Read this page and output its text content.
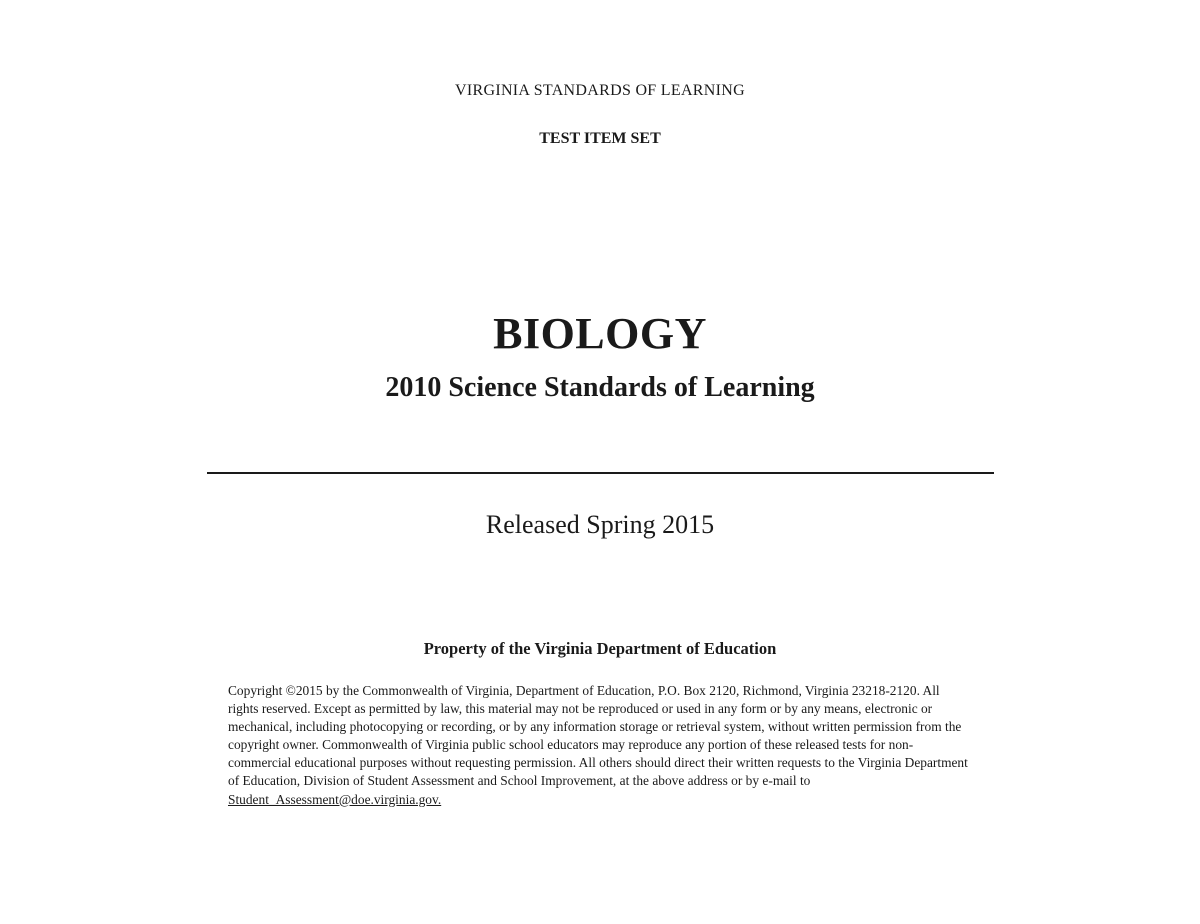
VIRGINIA STANDARDS OF LEARNING
TEST ITEM SET
BIOLOGY
2010 Science Standards of Learning
Released Spring 2015
Property of the Virginia Department of Education

Copyright ©2015 by the Commonwealth of Virginia, Department of Education, P.O. Box 2120, Richmond, Virginia 23218-2120. All rights reserved. Except as permitted by law, this material may not be reproduced or used in any form or by any means, electronic or mechanical, including photocopying or recording, or by any information storage or retrieval system, without written permission from the copyright owner. Commonwealth of Virginia public school educators may reproduce any portion of these released tests for non-commercial educational purposes without requesting permission. All others should direct their written requests to the Virginia Department of Education, Division of Student Assessment and School Improvement, at the above address or by e-mail to Student_Assessment@doe.virginia.gov.
